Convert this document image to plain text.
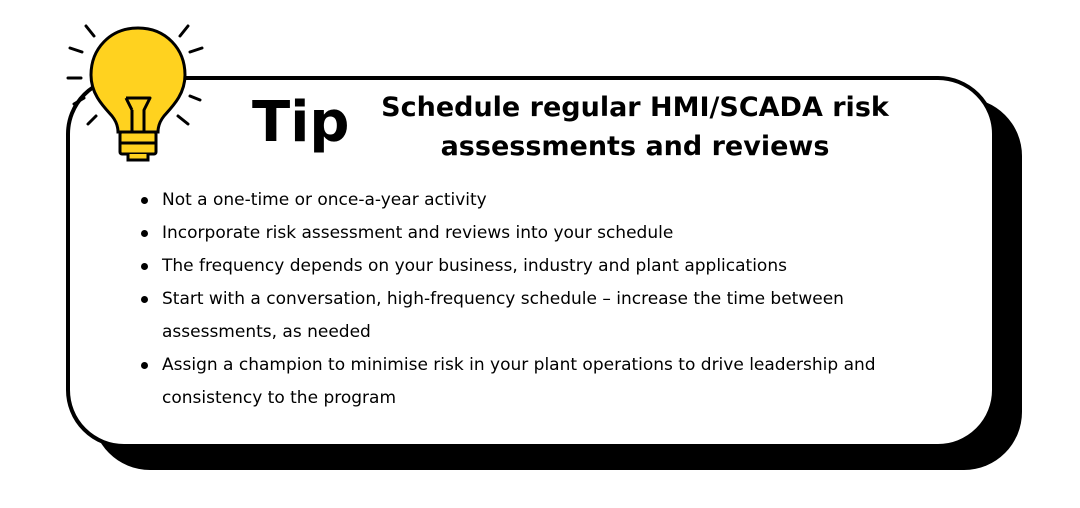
Tip	Schedule regular HMI/SCADA risk
assessments and reviews
Not a one-time or once-a-year activity
Incorporate risk assessment and reviews into your schedule
The frequency depends on your business, industry and plant applications
Start with a conversation, high-frequency schedule – increase the time between assessments, as needed
Assign a champion to minimise risk in your plant operations to drive leadership and consistency to the program
